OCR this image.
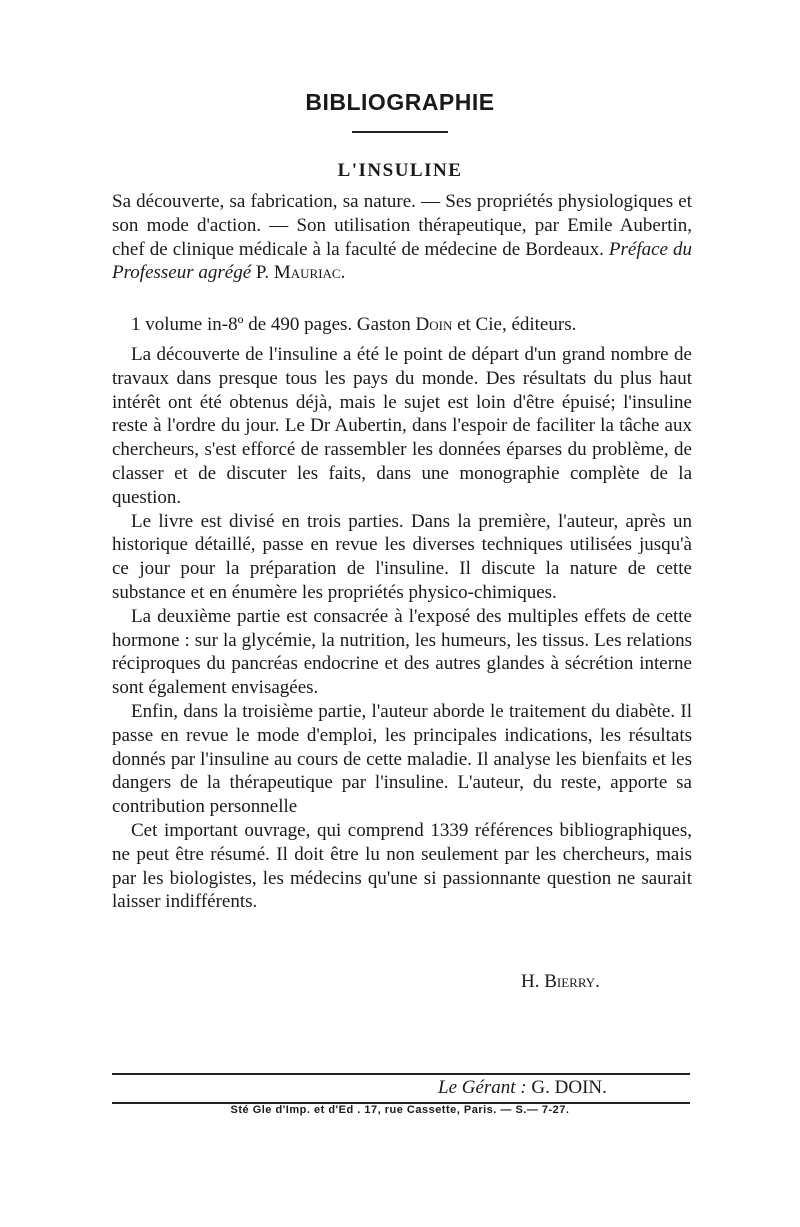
BIBLIOGRAPHIE
L'INSULINE
Sa découverte, sa fabrication, sa nature. — Ses propriétés physiologiques et son mode d'action. — Son utilisation thérapeutique, par Emile Aubertin, chef de clinique médicale à la faculté de médecine de Bordeaux. Préface du Professeur agrégé P. Mauriac.
1 volume in-8º de 490 pages. Gaston Doin et Cie, éditeurs.

La découverte de l'insuline a été le point de départ d'un grand nombre de travaux dans presque tous les pays du monde. Des résultats du plus haut intérêt ont été obtenus déjà, mais le sujet est loin d'être épuisé; l'insuline reste à l'ordre du jour. Le Dr Aubertin, dans l'espoir de faciliter la tâche aux chercheurs, s'est efforcé de rassembler les données éparses du problème, de classer et de discuter les faits, dans une monographie complète de la question.

Le livre est divisé en trois parties. Dans la première, l'auteur, après un historique détaillé, passe en revue les diverses techniques utilisées jusqu'à ce jour pour la préparation de l'insuline. Il discute la nature de cette substance et en énumère les propriétés physico-chimiques.

La deuxième partie est consacrée à l'exposé des multiples effets de cette hormone : sur la glycémie, la nutrition, les humeurs, les tissus. Les relations réciproques du pancréas endocrine et des autres glandes à sécrétion interne sont également envisagées.

Enfin, dans la troisième partie, l'auteur aborde le traitement du diabète. Il passe en revue le mode d'emploi, les principales indications, les résultats donnés par l'insuline au cours de cette maladie. Il analyse les bienfaits et les dangers de la thérapeutique par l'insuline. L'auteur, du reste, apporte sa contribution personnelle

Cet important ouvrage, qui comprend 1339 références bibliographiques, ne peut être résumé. Il doit être lu non seulement par les chercheurs, mais par les biologistes, les médecins qu'une si passionnante question ne saurait laisser indifférents.

H. Bierry.
Le Gérant : G. DOIN.
Sté Gle d'Imp. et d'Ed . 17, rue Cassette, Paris. — S.— 7-27.
